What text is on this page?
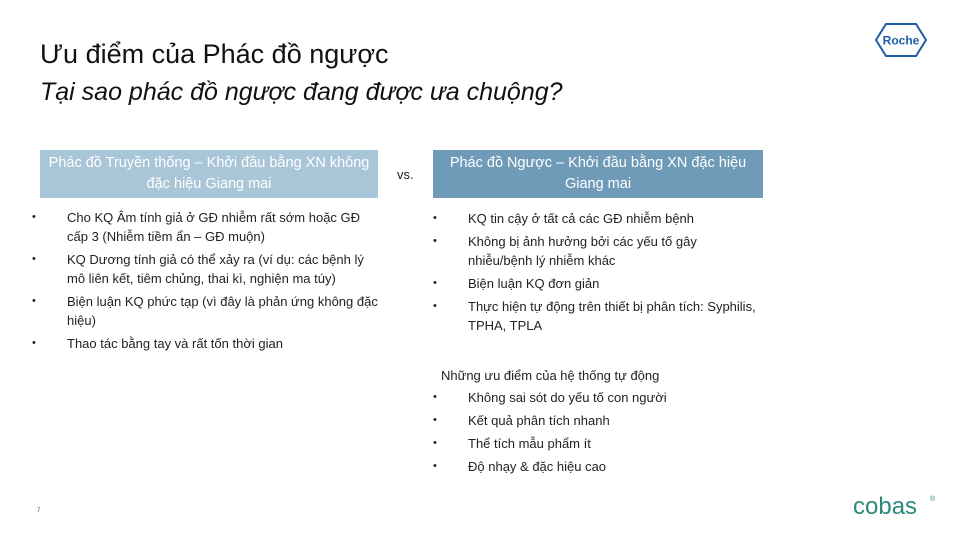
Ưu điểm của Phác đồ ngược
Tại sao phác đồ ngược đang được ưa chuộng?
Roche
Phác đồ Truyền thống – Khởi đầu bằng XN không đặc hiệu Giang mai
vs.
Phác đồ Ngược – Khởi đầu bằng XN đặc hiệu Giang mai
•	Cho KQ Âm tính giả ở GĐ nhiễm rất sớm hoặc GĐ cấp 3 (Nhiễm tiềm ẩn – GĐ muộn)
•	KQ Dương tính giả có thể xảy ra (ví dụ: các bệnh lý mô liên kết, tiêm chủng, thai kì, nghiện ma túy)
•	Biện luận KQ phức tạp (vì đây là phản ứng không đặc hiệu)
•	Thao tác bằng tay và rất tốn thời gian
•	KQ tin cậy ở tất cả các GĐ nhiễm bệnh
•	Không bị ảnh hưởng bởi các yếu tố gây nhiễu/bệnh lý nhiễm khác
•	Biện luận KQ đơn giản
•	Thực hiện tự động trên thiết bị phân tích: Syphilis, TPHA, TPLA
Những ưu điểm của hệ thống tự động
•	Không sai sót do yếu tố con người
•	Kết quả phân tích nhanh
•	Thể tích mẫu phẩm ít
•	Độ nhạy & đặc hiệu cao
7	cobas ®
